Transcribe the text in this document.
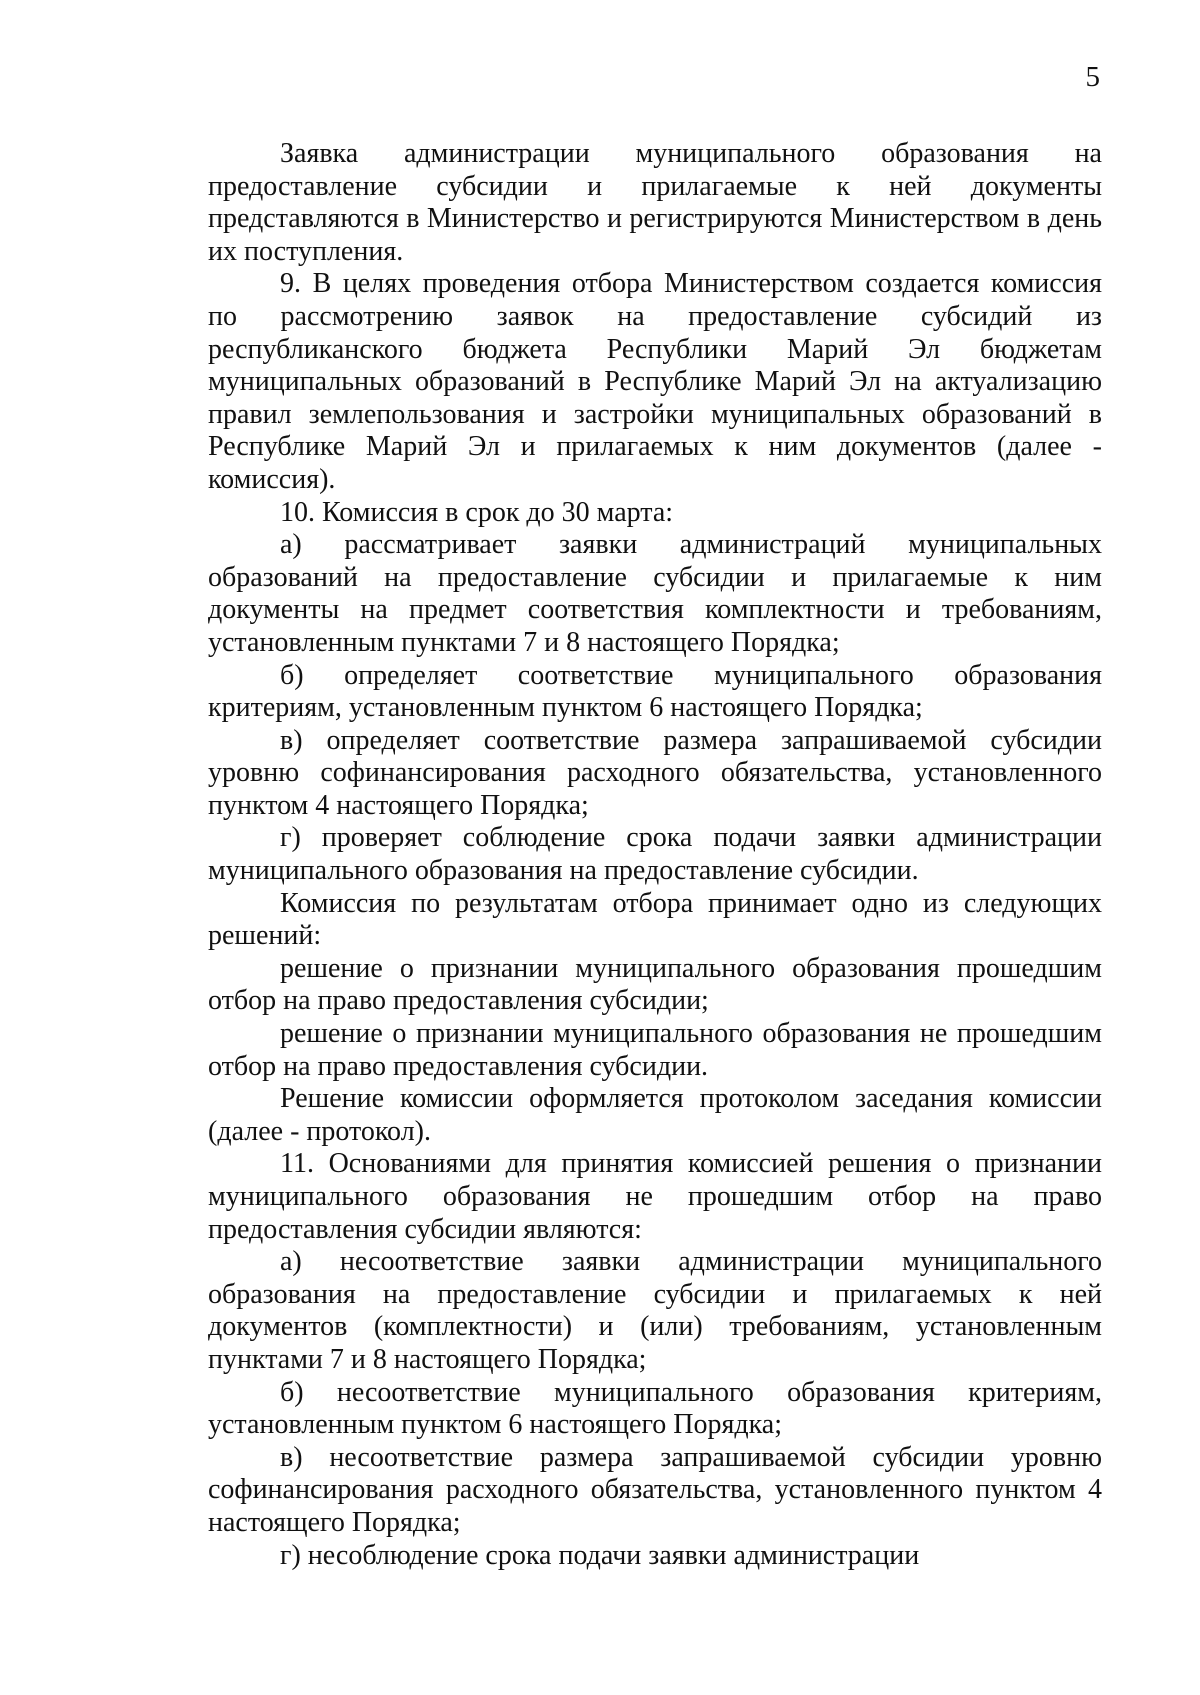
5

Заявка администрации муниципального образования на предоставление субсидии и прилагаемые к ней документы представляются в Министерство и регистрируются Министерством в день их поступления.

9. В целях проведения отбора Министерством создается комиссия по рассмотрению заявок на предоставление субсидий из республиканского бюджета Республики Марий Эл бюджетам муниципальных образований в Республике Марий Эл на актуализацию правил землепользования и застройки муниципальных образований в Республике Марий Эл и прилагаемых к ним документов (далее - комиссия).

10. Комиссия в срок до 30 марта:

а) рассматривает заявки администраций муниципальных образований на предоставление субсидии и прилагаемые к ним документы на предмет соответствия комплектности и требованиям, установленным пунктами 7 и 8 настоящего Порядка;

б) определяет соответствие муниципального образования критериям, установленным пунктом 6 настоящего Порядка;

в) определяет соответствие размера запрашиваемой субсидии уровню софинансирования расходного обязательства, установленного пунктом 4 настоящего Порядка;

г) проверяет соблюдение срока подачи заявки администрации муниципального образования на предоставление субсидии.

Комиссия по результатам отбора принимает одно из следующих решений:

решение о признании муниципального образования прошедшим отбор на право предоставления субсидии;

решение о признании муниципального образования не прошедшим отбор на право предоставления субсидии.

Решение комиссии оформляется протоколом заседания комиссии (далее - протокол).

11. Основаниями для принятия комиссией решения о признании муниципального образования не прошедшим отбор на право предоставления субсидии являются:

а) несоответствие заявки администрации муниципального образования на предоставление субсидии и прилагаемых к ней документов (комплектности) и (или) требованиям, установленным пунктами 7 и 8 настоящего Порядка;

б) несоответствие муниципального образования критериям, установленным пунктом 6 настоящего Порядка;

в) несоответствие размера запрашиваемой субсидии уровню софинансирования расходного обязательства, установленного пунктом 4 настоящего Порядка;

г) несоблюдение срока подачи заявки администрации
